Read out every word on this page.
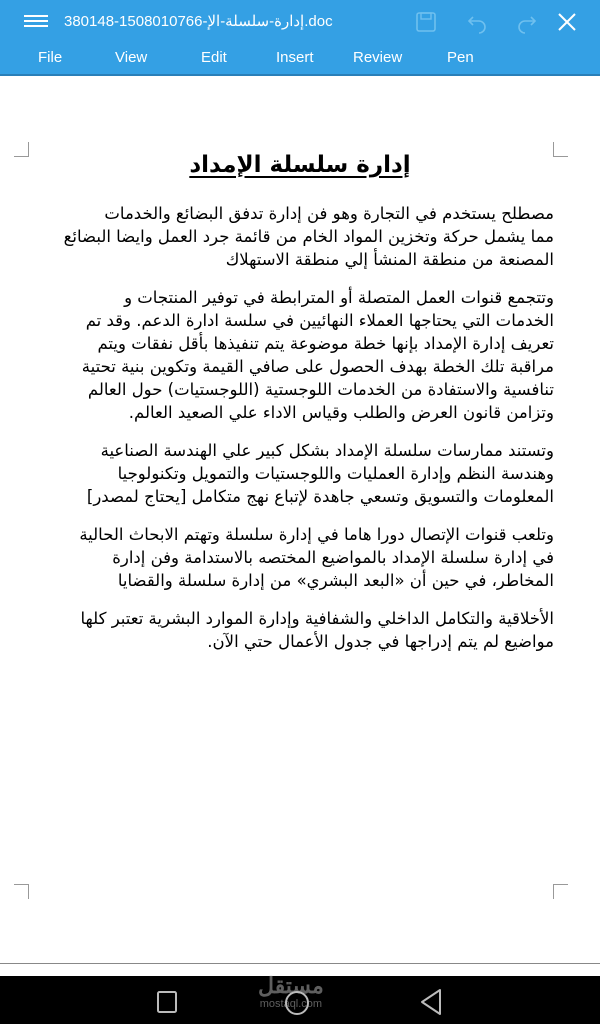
380148-1508010766-إدارة-سلسلة-الإ.doc
File	View	Edit	Insert	Review	Pen
إدارة سلسلة الإمداد
مصطلح يستخدم في التجارة وهو فن إدارة تدفق البضائع والخدمات
مما يشمل حركة وتخزين المواد الخام من قائمة جرد العمل وايضا البضائع
المصنعة من منطقة المنشأ إلي منطقة الاستهلاك
وتتجمع قنوات العمل المتصلة أو المترابطة في توفير المنتجات و
الخدمات التي يحتاجها العملاء النهائيين في سلسة ادارة الدعم. وقد تم
تعريف إدارة الإمداد بإنها خطة موضوعة يتم تنفيذها بأقل نفقات ويتم
مراقبة تلك الخطة بهدف الحصول على صافي القيمة وتكوين بنية تحتية
تنافسية والاستفادة من الخدمات اللوجستية (اللوجستيات) حول العالم
وتزامن قانون العرض والطلب وقياس الاداء علي الصعيد العالم.
وتستند ممارسات سلسلة الإمداد بشكل كبير علي الهندسة الصناعية
وهندسة النظم وإدارة العمليات واللوجستيات والتمويل وتكنولوجيا
المعلومات والتسويق وتسعي جاهدة لإتباع نهج متكامل [يحتاج لمصدر]
وتلعب قنوات الإتصال دورا هاما في إدارة سلسلة وتهتم الابحاث الحالية
في إدارة سلسلة الإمداد بالمواضيع المختصه بالاستدامة وفن إدارة
المخاطر، في حين أن «البعد البشري» من إدارة سلسلة والقضايا
الأخلاقية والتكامل الداخلي والشفافية وإدارة الموارد البشرية تعتبر كلها
مواضيع لم يتم إدراجها في جدول الأعمال حتي الآن.
مستقل
mostaql.com
